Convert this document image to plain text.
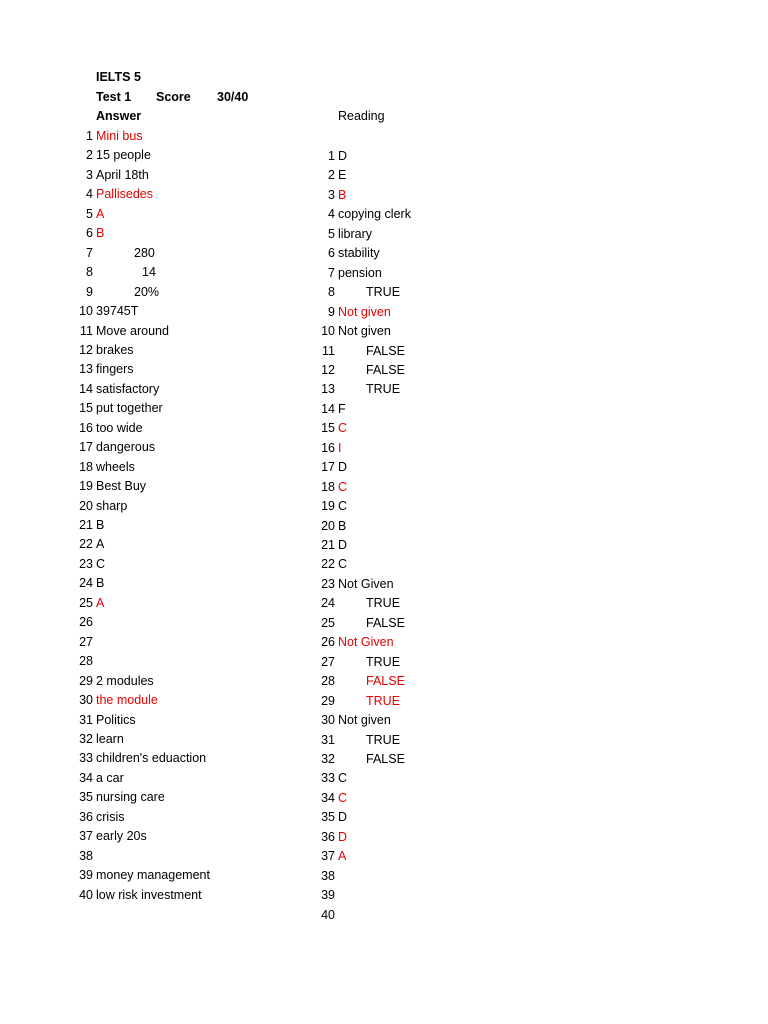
IELTS 5
Test 1 Score 30/40
Answer	Reading
1 Mini bus
2 15 people
3 April 18th
4 Pallisedes
5 A
6 B
7	280
8	14
9	20%
10 39745T
11 Move around
12 brakes
13 fingers
14 satisfactory
15 put together
16 too wide
17 dangerous
18 wheels
19 Best Buy
20 sharp
21 B
22 A
23 C
24 B
25 A
26
27
28
29 2 modules
30 the module
31 Politics
32 learn
33 children's eduaction
34 a car
35 nursing care
36 crisis
37 early 20s
38
39 money management
40 low risk investment
1 D
2 E
3 B
4 copying clerk
5 library
6 stability
7 pension
8 TRUE
9 Not given
10 Not given
11 FALSE
12 FALSE
13 TRUE
14 F
15 C
16 I
17 D
18 C
19 C
20 B
21 D
22 C
23 Not Given
24 TRUE
25 FALSE
26 Not Given
27 TRUE
28 FALSE
29 TRUE
30 Not given
31 TRUE
32 FALSE
33 C
34 C
35 D
36 D
37 A
38
39
40
